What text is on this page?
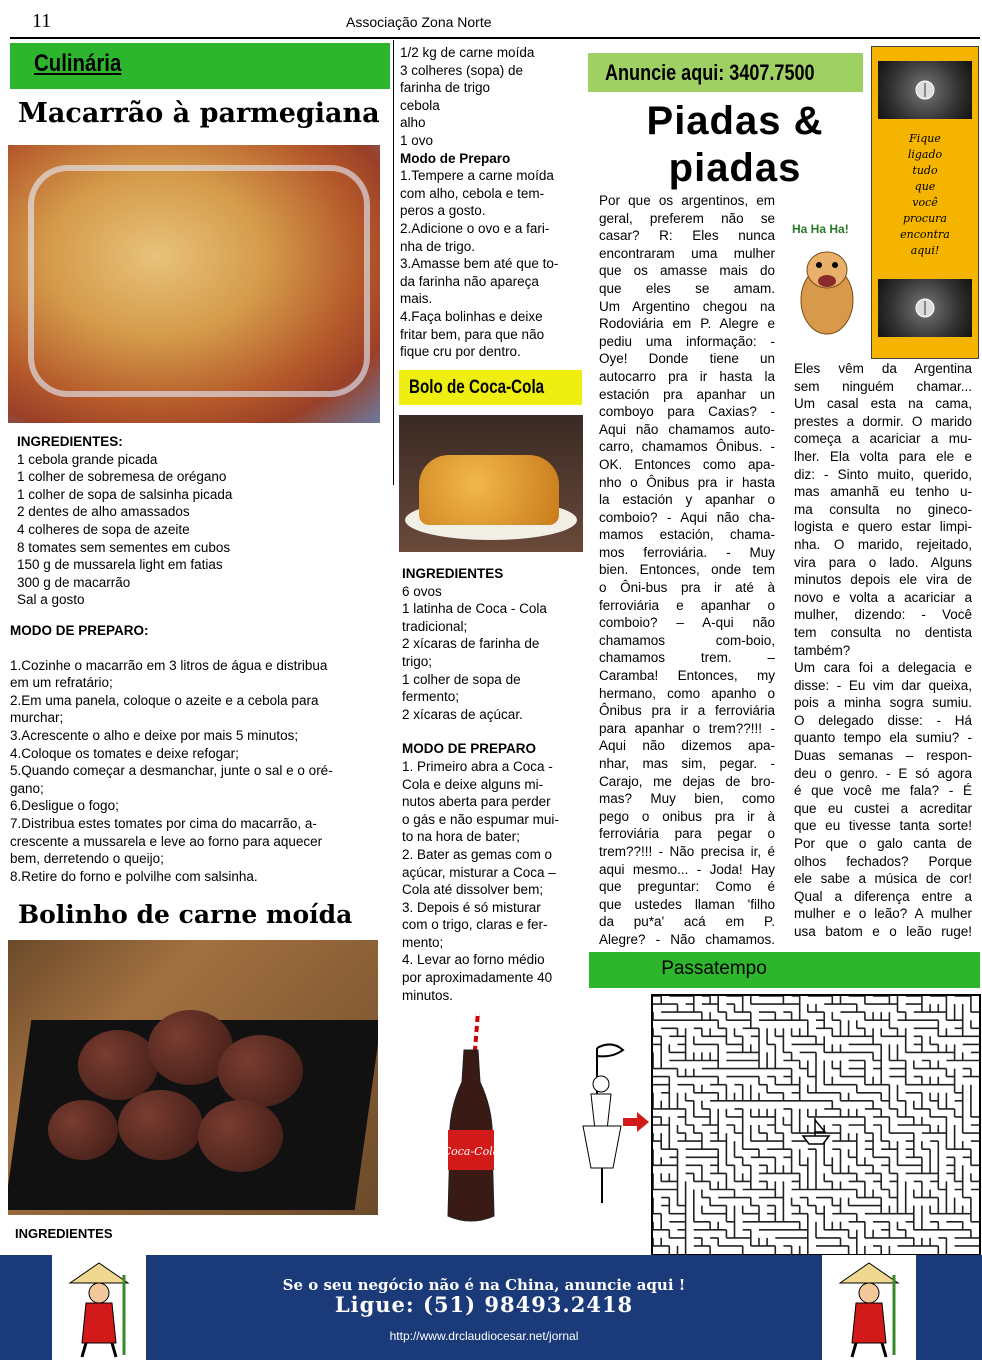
11	Associação Zona Norte
Culinária
Macarrão à parmegiana
INGREDIENTES:
1 cebola grande picada
1 colher de sobremesa de orégano
1 colher de sopa de salsinha picada
2 dentes de alho amassados
4 colheres de sopa de azeite
8 tomates sem sementes em cubos
150 g de mussarela light em fatias
300 g de macarrão
Sal a gosto
MODO DE PREPARO:
1.Cozinhe o macarrão em 3 litros de água e distribua
em um refratário;
2.Em uma panela, coloque o azeite e a cebola para
murchar;
3.Acrescente o alho e deixe por mais 5 minutos;
4.Coloque os tomates e deixe refogar;
5.Quando começar a desmanchar, junte o sal e o oré-
gano;
6.Desligue o fogo;
7.Distribua estes tomates por cima do macarrão, a-
crescente a mussarela e leve ao forno para aquecer
bem, derretendo o queijo;
8.Retire do forno e polvilhe com salsinha.
Bolinho de carne moída
INGREDIENTES
1/2 kg de carne moída
3 colheres (sopa) de
farinha de trigo
cebola
alho
1 ovo
Modo de Preparo
1.Tempere a carne moída
com alho, cebola e tem-
peros a gosto.
2.Adicione o ovo e a fari-
nha de trigo.
3.Amasse bem até que to-
da farinha não apareça
mais.
4.Faça bolinhas e deixe
fritar bem, para que não
fique cru por dentro.
Bolo de Coca-Cola
INGREDIENTES
6 ovos
1 latinha de Coca - Cola
tradicional;
2 xícaras de farinha de
trigo;
1 colher de sopa de
fermento;
2 xícaras de açúcar.
MODO DE PREPARO
1. Primeiro abra a Coca -
Cola e deixe alguns mi-
nutos aberta para perder
o gás e não espumar mui-
to na hora de bater;
2. Bater as gemas com o
açúcar, misturar a Coca –
Cola até dissolver bem;
3. Depois é só misturar
com o trigo, claras e fer-
mento;
4. Levar ao forno médio
por aproximadamente 40
minutos.
Anuncie aqui: 3407.7500
Fique
ligado
tudo
que
você
procura
encontra
aqui!
Piadas &
piadas
Ha Ha Ha!
Por que os argentinos, em
geral, preferem não se
casar? R: Eles nunca
encontraram uma mulher
que os amasse mais do
que eles se amam.
Um Argentino chegou na
Rodoviária em P. Alegre e
pediu uma informação: -
Oye! Donde tiene un
autocarro pra ir hasta la
estación pra apanhar un
comboyo para Caxias? -
Aqui não chamamos auto-
carro, chamamos Ônibus. -
OK. Entonces como apa-
nho o Ônibus pra ir hasta
la estación y apanhar o
comboio? - Aqui não cha-
mamos estación, chama-
mos ferroviária. - Muy
bien. Entonces, onde tem
o Ôni-bus pra ir até à
ferroviária e apanhar o
comboio? – A-qui não
chamamos com-boio,
chamamos trem. –
Caramba! Entonces, my
hermano, como apanho o
Ônibus pra ir a ferroviária
para apanhar o trem??!!! -
Aqui não dizemos apa-
nhar, mas sim, pegar. -
Carajo, me dejas de bro-
mas? Muy bien, como
pego o onibus pra ir à
ferroviária para pegar o
trem??!!! - Não precisa ir, é
aqui mesmo... - Joda! Hay
que preguntar: Como é
que ustedes llaman 'filho
da pu*a' acá em P.
Alegre? - Não chamamos.
Eles vêm da Argentina
sem ninguém chamar...
Um casal esta na cama,
prestes a dormir. O marido
começa a acariciar a mu-
lher. Ela volta para ele e
diz: - Sinto muito, querido,
mas amanhã eu tenho u-
ma consulta no gineco-
logista e quero estar limpi-
nha. O marido, rejeitado,
vira para o lado. Alguns
minutos depois ele vira de
novo e volta a acariciar a
mulher, dizendo: - Você
tem consulta no dentista
também?
Um cara foi a delegacia e
disse: - Eu vim dar queixa,
pois a minha sogra sumiu.
O delegado disse: - Há
quanto tempo ela sumiu? -
Duas semanas – respon-
deu o genro. - E só agora
é que você me fala? - É
que eu custei a acreditar
que eu tivesse tanta sorte!
Por que o galo canta de
olhos fechados? Porque
ele sabe a música de cor!
Qual a diferença entre a
mulher e o leão? A mulher
usa batom e o leão ruge!
Passatempo
Coca-Cola
Se o seu negócio não é na China, anuncie aqui !
Ligue: (51) 98493.2418
http://www.drclaudiocesar.net/jornal
